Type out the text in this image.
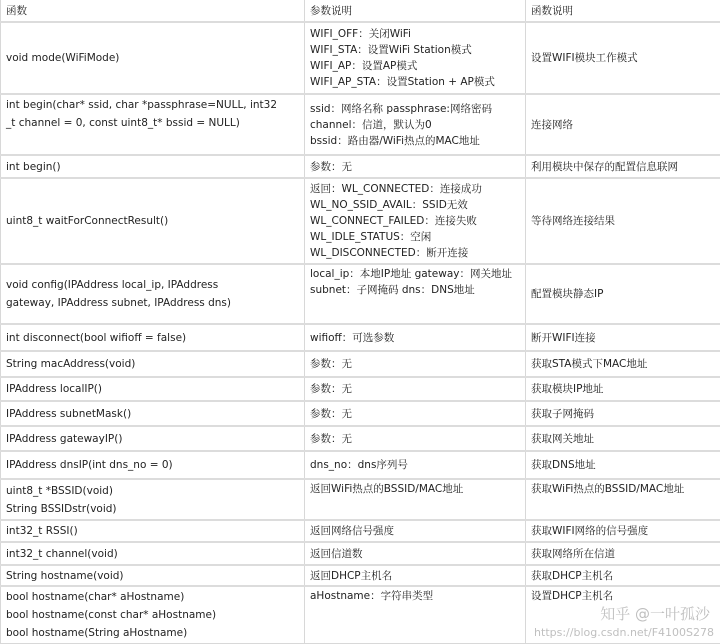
函数	参数说明	函数说明

void mode(WiFiMode)	WIFI_OFF：关闭WiFi
WIFI_STA：设置WiFi Station模式
WIFI_AP：设置AP模式
WIFI_AP_STA：设置Station + AP模式	设置WIFI模块工作模式

int begin(char* ssid, char *passphrase=NULL, int32
_t channel = 0, const uint8_t* bssid = NULL)	ssid：网络名称 passphrase:网络密码
channel：信道，默认为0
bssid：路由器/WiFi热点的MAC地址	连接网络

int begin()	参数：无	利用模块中保存的配置信息联网

uint8_t waitForConnectResult()	返回：WL_CONNECTED：连接成功
WL_NO_SSID_AVAIL：SSID无效
WL_CONNECT_FAILED：连接失败
WL_IDLE_STATUS：空闲
WL_DISCONNECTED：断开连接	等待网络连接结果

void config(IPAddress local_ip, IPAddress
gateway, IPAddress subnet, IPAddress dns)	local_ip：本地IP地址 gateway：网关地址
subnet：子网掩码 dns：DNS地址	配置模块静态IP

int disconnect(bool wifioff = false)	wifioff：可选参数	断开WIFI连接

String macAddress(void)	参数：无	获取STA模式下MAC地址

IPAddress localIP()	参数：无	获取模块IP地址

IPAddress subnetMask()	参数：无	获取子网掩码

IPAddress gatewayIP()	参数：无	获取网关地址

IPAddress dnsIP(int dns_no = 0)	dns_no：dns序列号	获取DNS地址

uint8_t *BSSID(void)
String BSSIDstr(void)	返回WiFi热点的BSSID/MAC地址	获取WiFi热点的BSSID/MAC地址

int32_t RSSI()	返回网络信号强度	获取WIFI网络的信号强度

int32_t channel(void)	返回信道数	获取网络所在信道

String hostname(void)	返回DHCP主机名	获取DHCP主机名

bool hostname(char* aHostname)
bool hostname(const char* aHostname)
bool hostname(String aHostname)	aHostname：字符串类型	设置DHCP主机名
知乎 @一叶孤沙
https://blog.csdn.net/F4100S278
